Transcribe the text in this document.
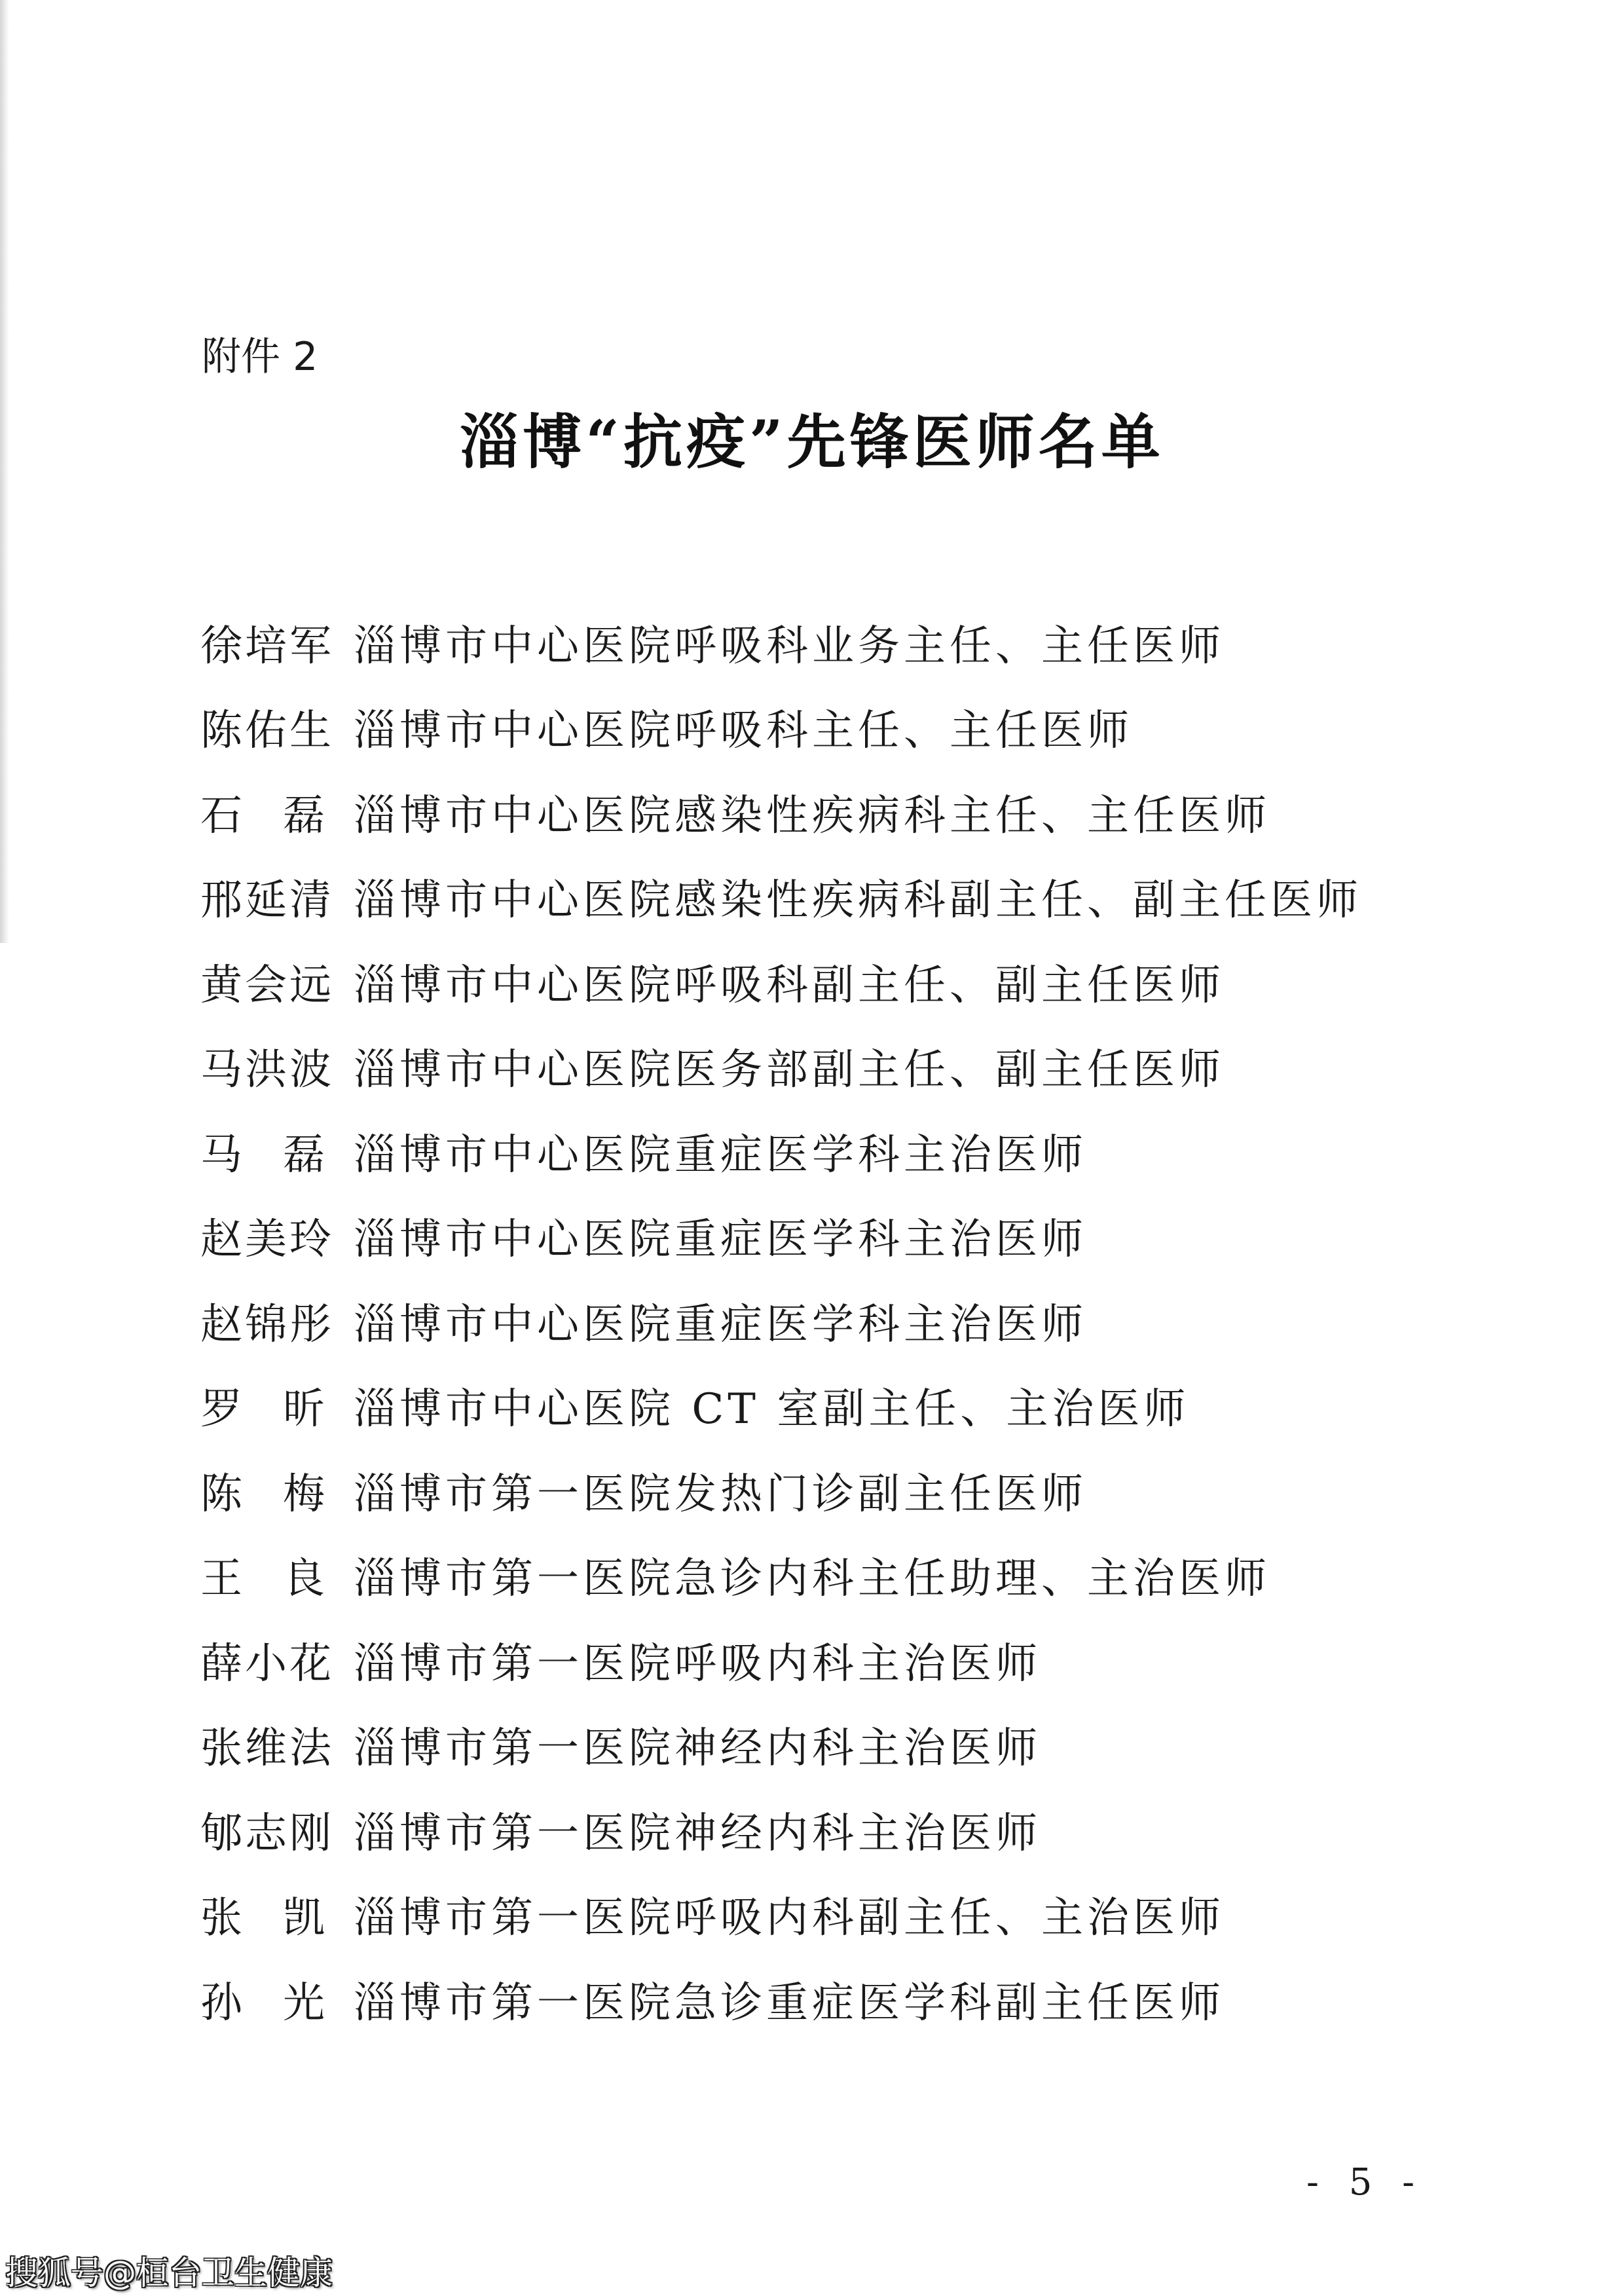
附件 2
淄博“抗疫”先锋医师名单
徐培军 淄博市中心医院呼吸科业务主任、主任医师
陈佑生 淄博市中心医院呼吸科主任、主任医师
石磊 淄博市中心医院感染性疾病科主任、主任医师
邢延清 淄博市中心医院感染性疾病科副主任、副主任医师
黄会远 淄博市中心医院呼吸科副主任、副主任医师
马洪波 淄博市中心医院医务部副主任、副主任医师
马磊 淄博市中心医院重症医学科主治医师
赵美玲 淄博市中心医院重症医学科主治医师
赵锦彤 淄博市中心医院重症医学科主治医师
罗昕 淄博市中心医院 CT 室副主任、主治医师
陈梅 淄博市第一医院发热门诊副主任医师
王良 淄博市第一医院急诊内科主任助理、主治医师
薛小花 淄博市第一医院呼吸内科主治医师
张维法 淄博市第一医院神经内科主治医师
郇志刚 淄博市第一医院神经内科主治医师
张凯 淄博市第一医院呼吸内科副主任、主治医师
孙光 淄博市第一医院急诊重症医学科副主任医师
- 5 -
搜狐号@桓台卫生健康
